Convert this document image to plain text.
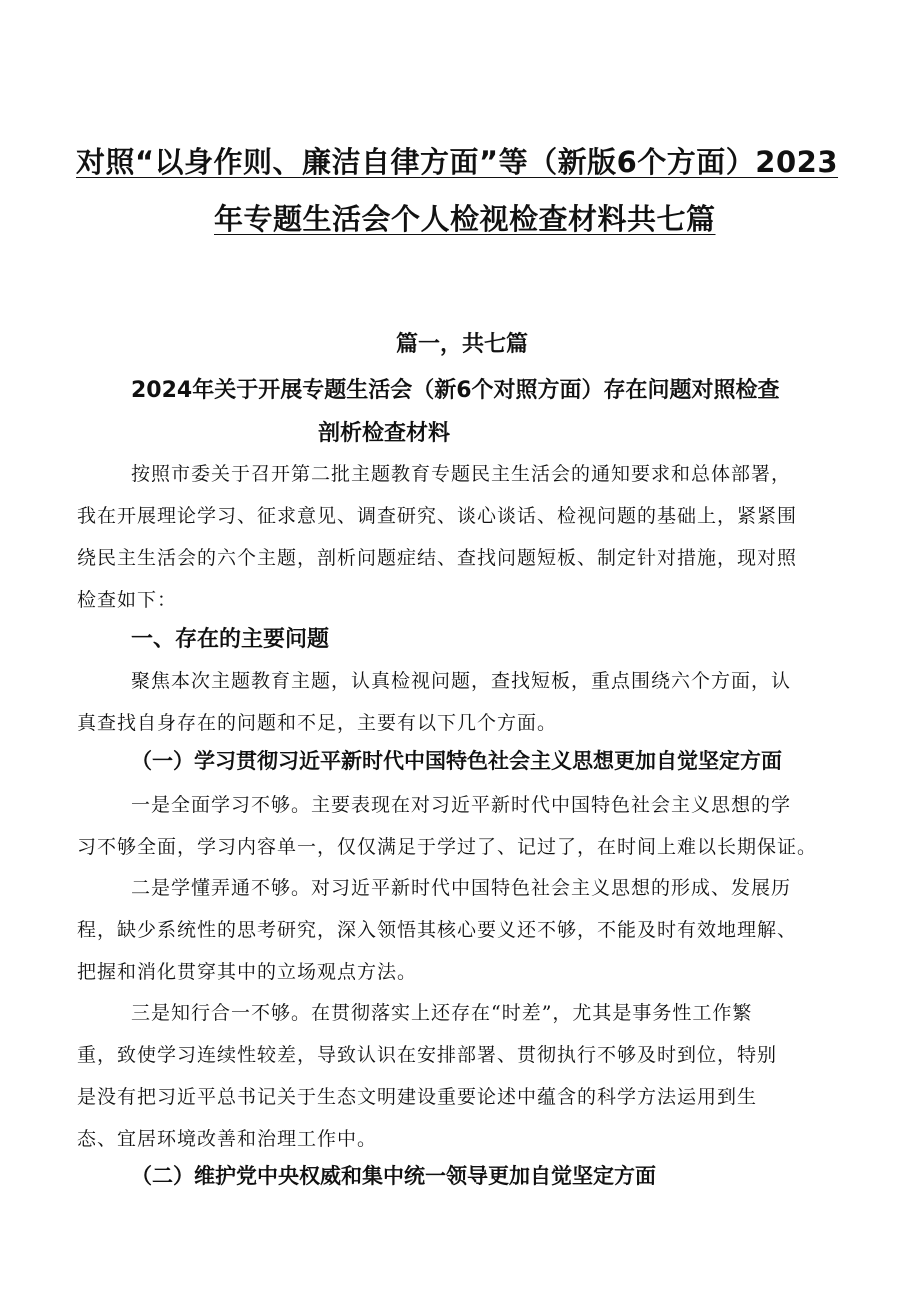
对照“以身作则、廉洁自律方面”等（新版6个方面）2023
年专题生活会个人检视检查材料共七篇
篇一，共七篇
2024年关于开展专题生活会（新6个对照方面）存在问题对照检查
剖析检查材料
按照市委关于召开第二批主题教育专题民主生活会的通知要求和总体部署，
我在开展理论学习、征求意见、调查研究、谈心谈话、检视问题的基础上，紧紧围
绕民主生活会的六个主题，剖析问题症结、查找问题短板、制定针对措施，现对照
检查如下：
一、存在的主要问题
聚焦本次主题教育主题，认真检视问题，查找短板，重点围绕六个方面，认
真查找自身存在的问题和不足，主要有以下几个方面。
（一）学习贯彻习近平新时代中国特色社会主义思想更加自觉坚定方面
一是全面学习不够。主要表现在对习近平新时代中国特色社会主义思想的学
习不够全面，学习内容单一，仅仅满足于学过了、记过了，在时间上难以长期保证。
二是学懂弄通不够。对习近平新时代中国特色社会主义思想的形成、发展历
程，缺少系统性的思考研究，深入领悟其核心要义还不够，不能及时有效地理解、
把握和消化贯穿其中的立场观点方法。
三是知行合一不够。在贯彻落实上还存在“时差”，尤其是事务性工作繁
重，致使学习连续性较差，导致认识在安排部署、贯彻执行不够及时到位，特别
是没有把习近平总书记关于生态文明建设重要论述中蕴含的科学方法运用到生
态、宜居环境改善和治理工作中。
（二）维护党中央权威和集中统一领导更加自觉坚定方面
